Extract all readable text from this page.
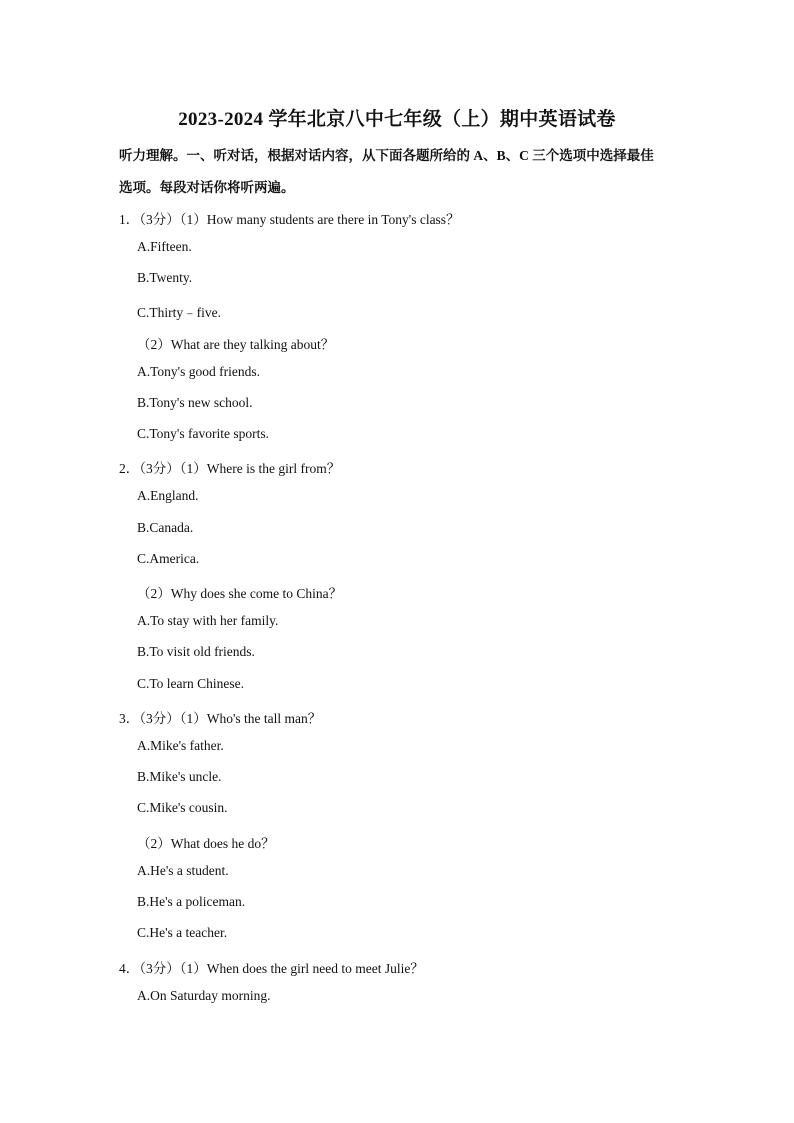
2023-2024 学年北京八中七年级（上）期中英语试卷
听力理解。一、听对话，根据对话内容，从下面各题所给的 A、B、C 三个选项中选择最佳
选项。每段对话你将听两遍。
1．（3分）（1）How many students are there in Tony's class？
A.Fifteen.
B.Twenty.
C.Thirty﹣five.
（2）What are they talking about？
A.Tony's good friends.
B.Tony's new school.
C.Tony's favorite sports.
2．（3分）（1）Where is the girl from？
A.England.
B.Canada.
C.America.
（2）Why does she come to China？
A.To stay with her family.
B.To visit old friends.
C.To learn Chinese.
3．（3分）（1）Who's the tall man？
A.Mike's father.
B.Mike's uncle.
C.Mike's cousin.
（2）What does he do？
A.He's a student.
B.He's a policeman.
C.He's a teacher.
4．（3分）（1）When does the girl need to meet Julie？
A.On Saturday morning.
